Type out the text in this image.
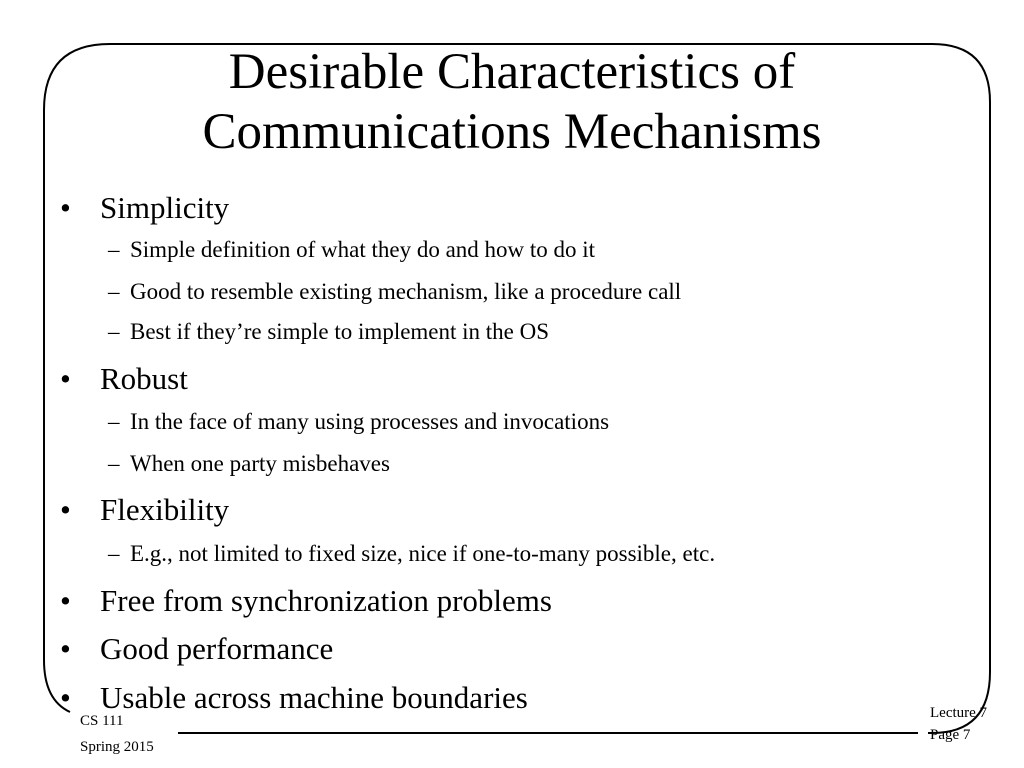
Desirable Characteristics of
Communications Mechanisms
• Simplicity
– Simple definition of what they do and how to do it
– Good to resemble existing mechanism, like a procedure call
– Best if they’re simple to implement in the OS
• Robust
– In the face of many using processes and invocations
– When one party misbehaves
• Flexibility
– E.g., not limited to fixed size, nice if one-to-many possible, etc.
• Free from synchronization problems
• Good performance
• Usable across machine boundaries
CS 111
Spring 2015
Lecture 7
Page 7
